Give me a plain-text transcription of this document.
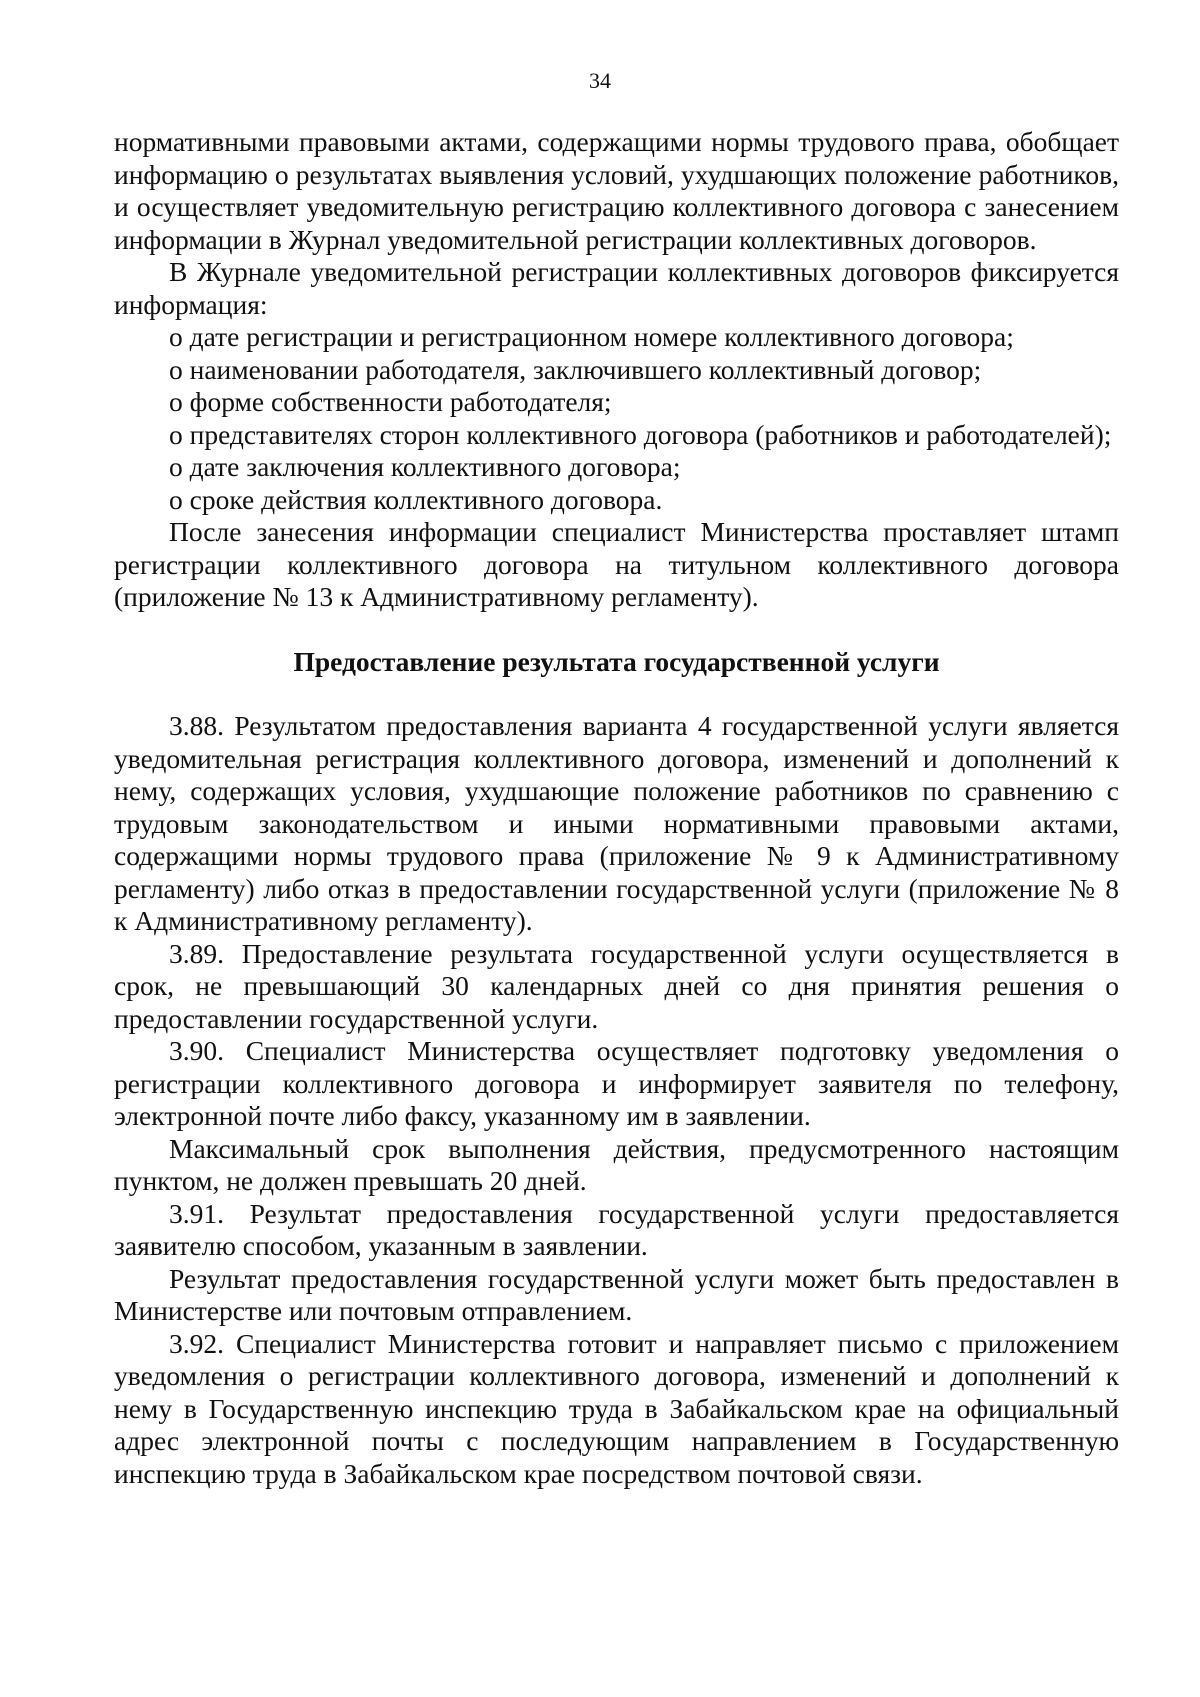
34

нормативными правовыми актами, содержащими нормы трудового права, обобщает информацию о результатах выявления условий, ухудшающих положение работников, и осуществляет уведомительную регистрацию коллективного договора с занесением информации в Журнал уведомительной регистрации коллективных договоров.

В Журнале уведомительной регистрации коллективных договоров фиксируется информация:

о дате регистрации и регистрационном номере коллективного договора;

о наименовании работодателя, заключившего коллективный договор;

о форме собственности работодателя;

о представителях сторон коллективного договора (работников и работодателей);

о дате заключения коллективного договора;

о сроке действия коллективного договора.

После занесения информации специалист Министерства проставляет штамп регистрации коллективного договора на титульном коллективного договора (приложение № 13 к Административному регламенту).

Предоставление результата государственной услуги

3.88. Результатом предоставления варианта 4 государственной услуги является уведомительная регистрация коллективного договора, изменений и дополнений к нему, содержащих условия, ухудшающие положение работников по сравнению с трудовым законодательством и иными нормативными правовыми актами, содержащими нормы трудового права (приложение № 9 к Административному регламенту) либо отказ в предоставлении государственной услуги (приложение № 8 к Административному регламенту).

3.89. Предоставление результата государственной услуги осуществляется в срок, не превышающий 30 календарных дней со дня принятия решения о предоставлении государственной услуги.

3.90. Специалист Министерства осуществляет подготовку уведомления о регистрации коллективного договора и информирует заявителя по телефону, электронной почте либо факсу, указанному им в заявлении.

Максимальный срок выполнения действия, предусмотренного настоящим пунктом, не должен превышать 20 дней.

3.91. Результат предоставления государственной услуги предоставляется заявителю способом, указанным в заявлении.

Результат предоставления государственной услуги может быть предоставлен в Министерстве или почтовым отправлением.

3.92. Специалист Министерства готовит и направляет письмо с приложением уведомления о регистрации коллективного договора, изменений и дополнений к нему в Государственную инспекцию труда в Забайкальском крае на официальный адрес электронной почты с последующим направлением в Государственную инспекцию труда в Забайкальском крае посредством почтовой связи.
